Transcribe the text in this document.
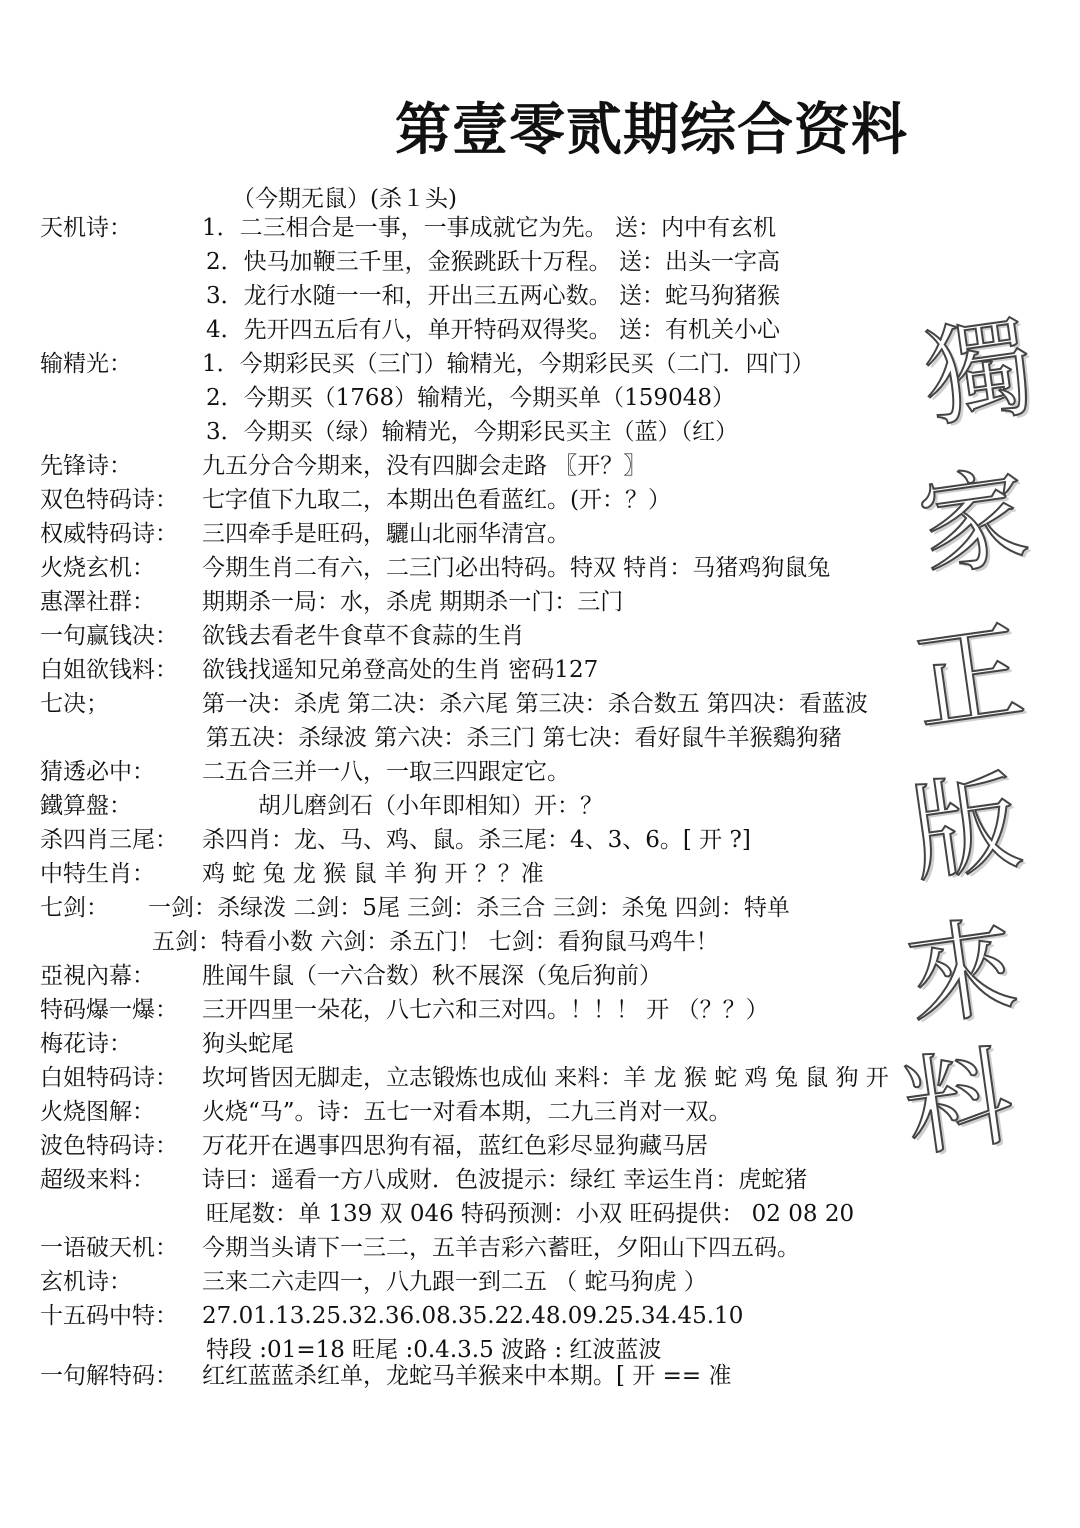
第壹零贰期综合资料
（今期无鼠）(杀１头)
天机诗：	1．二三相合是一事，一事成就它为先。 送：内中有玄机
2．快马加鞭三千里，金猴跳跃十万程。 送：出头一字高
3．龙行水随一一和，开出三五两心数。 送：蛇马狗猪猴
4．先开四五后有八，单开特码双得奖。 送：有机关小心
输精光：	1．今期彩民买（三门）输精光，今期彩民买（二门．四门）
2．今期买（1768）输精光，今期买单（159048）
3．今期买（绿）输精光，今期彩民买主（蓝）（红）
先锋诗：	九五分合今期来，没有四脚会走路 〖开？〗
双色特码诗： 七字值下九取二，本期出色看蓝红。(开：？）
权威特码诗： 三四牵手是旺码，驪山北丽华清宫。
火烧玄机： 今期生肖二有六，二三门必出特码。特双 特肖：马猪鸡狗鼠兔
惠澤社群： 期期杀一局：水，杀虎 期期杀一门：三门
一句赢钱决： 欲钱去看老牛食草不食蒜的生肖
白姐欲钱料： 欲钱找遥知兄弟登高处的生肖 密码127
七决；	第一决：杀虎 第二决：杀六尾 第三决：杀合数五 第四决：看蓝波
第五决：杀绿波 第六决：杀三门 第七决：看好鼠牛羊猴鷄狗豬
猜透必中： 二五合三并一八，一取三四跟定它。
鐵算盤：	胡儿磨剑石（小年即相知）开：？
杀四肖三尾： 杀四肖：龙、马、鸡、鼠。杀三尾：4、3、6。[ 开 ?]
中特生肖： 鸡 蛇 兔 龙 猴 鼠 羊 狗 开 ？？准
七剑： 一剑：杀绿泼 二剑：5尾 三剑：杀三合 三剑：杀兔 四剑：特单
五剑：特看小数 六剑：杀五门！ 七剑：看狗鼠马鸡牛！
亞視內幕： 胜闻牛鼠（一六合数）秋不展深（兔后狗前）
特码爆一爆： 三开四里一朵花，八七六和三对四。！！！ 开 （？？）
梅花诗：	狗头蛇尾
白姐特码诗： 坎坷皆因无脚走，立志锻炼也成仙 来料：羊 龙 猴 蛇 鸡 兔 鼠 狗 开
火烧图解： 火烧“马”。诗：五七一对看本期，二九三肖对一双。
波色特码诗： 万花开在遇事四思狗有福，蓝红色彩尽显狗藏马居
超级来料： 诗曰：遥看一方八成财．色波提示：绿红 幸运生肖：虎蛇猪
旺尾数：单 139 双 046 特码预测：小双 旺码提供： 02 08 20
一语破天机： 今期当头请下一三二，五羊吉彩六蓄旺，夕阳山下四五码。
玄机诗：	三来二六走四一，八九跟一到二五 （ 蛇马狗虎 ）
十五码中特： 27.01.13.25.32.36.08.35.22.48.09.25.34.45.10
特段 :01=18 旺尾 :0.4.3.5 波路 : 红波蓝波
一句解特码： 红红蓝蓝杀红单，龙蛇马羊猴来中本期。[ 开 == 准
獨
家
正
版
來
料
